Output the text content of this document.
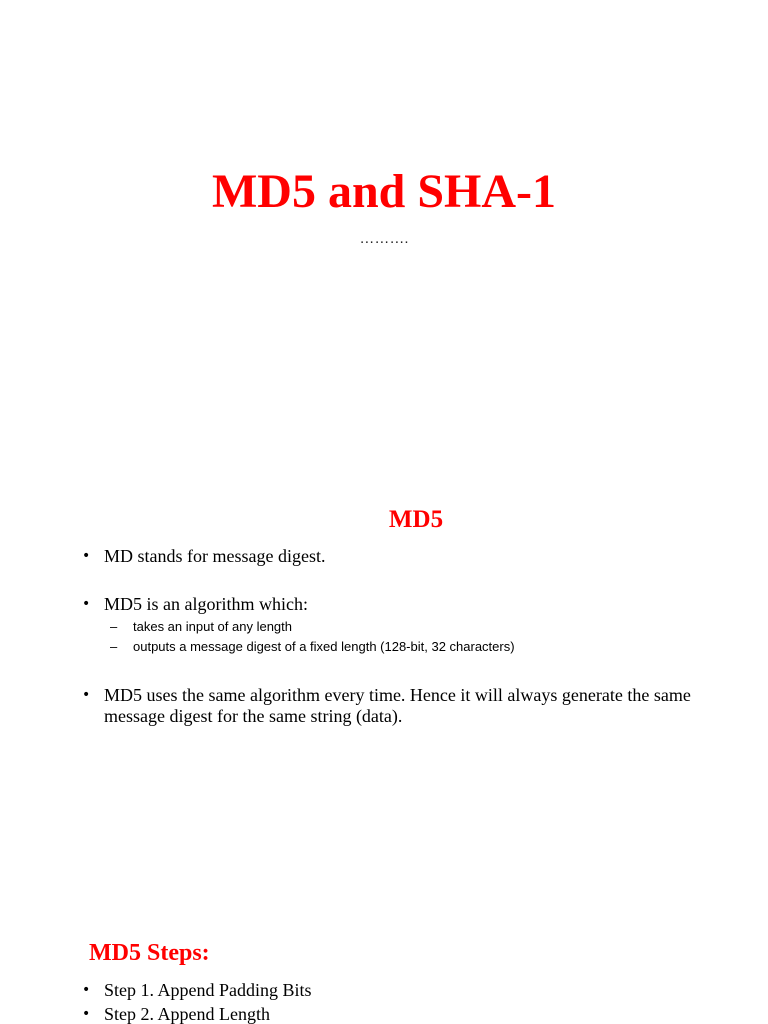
MD5 and SHA-1
……….
MD5
• MD stands for message digest.
• MD5 is an algorithm which:
– takes an input of any length
– outputs a message digest of a fixed length (128-bit, 32 characters)
• MD5 uses the same algorithm every time. Hence it will always generate the same message digest for the same string (data).
MD5 Steps:
• Step 1. Append Padding Bits
• Step 2. Append Length
